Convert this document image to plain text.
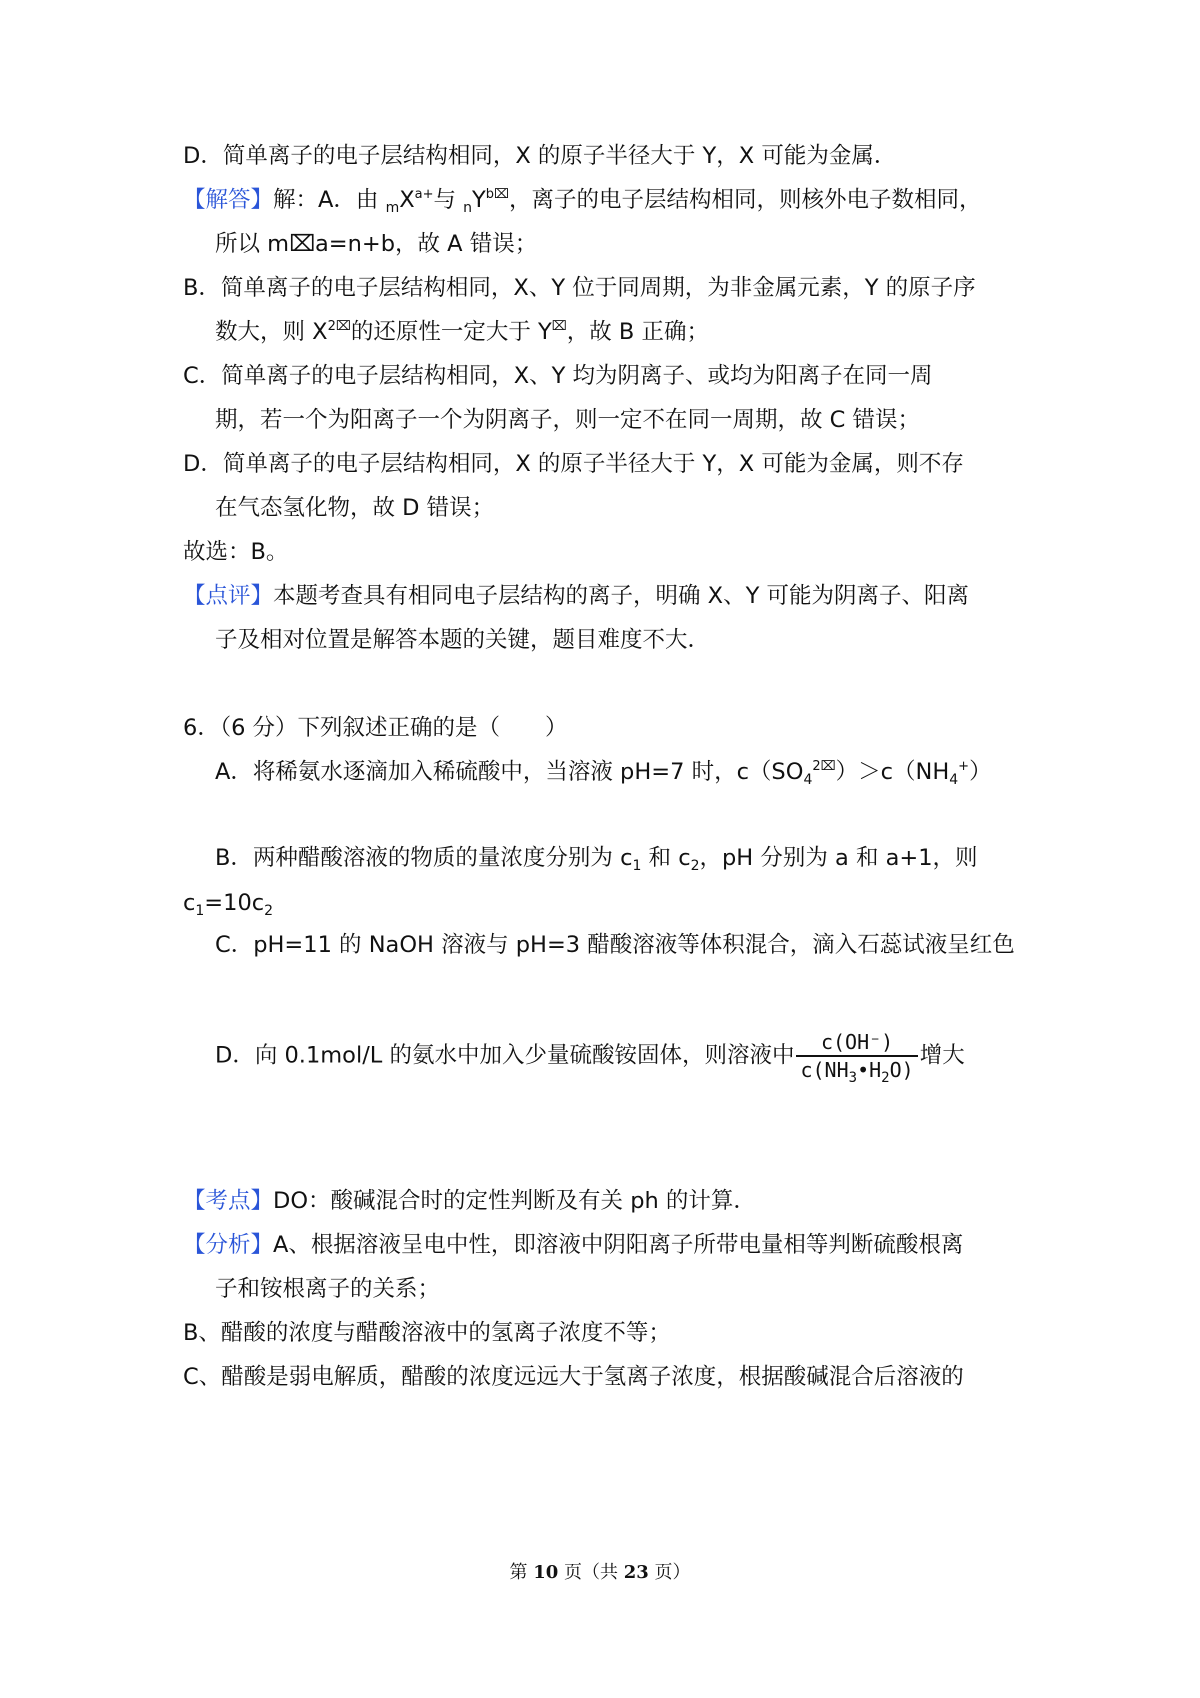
D．简单离子的电子层结构相同，X 的原子半径大于 Y，X 可能为金属．
【解答】解：A．由 $_mX^{a+}$与 $_nY^{b⌧}$，离子的电子层结构相同，则核外电子数相同，
所以 m⌧a=n+b，故 A 错误；
B．简单离子的电子层结构相同，X、Y 位于同周期，为非金属元素，Y 的原子序
数大，则 $X^{2⌧}$的还原性一定大于 Y⌧，故 B 正确；
C．简单离子的电子层结构相同，X、Y 均为阴离子、或均为阳离子在同一周
期，若一个为阳离子一个为阴离子，则一定不在同一周期，故 C 错误；
D．简单离子的电子层结构相同，X 的原子半径大于 Y，X 可能为金属，则不存
在气态氢化物，故 D 错误；
故选：B。
【点评】本题考查具有相同电子层结构的离子，明确 X、Y 可能为阴离子、阳离
子及相对位置是解答本题的关键，题目难度不大．
6．（6 分）下列叙述正确的是（　　）
A．将稀氨水逐滴加入稀硫酸中，当溶液 pH=7 时，$c(SO_4^{2⌧})>c(NH_4^+)$
B．两种醋酸溶液的物质的量浓度分别为 $c_1$ 和 $c_2$，pH 分别为 a 和 a+1，则
$c_1=10c_2$
C．pH=11 的 NaOH 溶液与 pH=3 醋酸溶液等体积混合，滴入石蕊试液呈红色
D．向 0.1mol/L 的氨水中加入少量硫酸铵固体，则溶液中 $\frac{c(OH^-)}{c(NH_3•H_2O)}$ 增大
【考点】DO：酸碱混合时的定性判断及有关 ph 的计算．
【分析】A、根据溶液呈电中性，即溶液中阴阳离子所带电量相等判断硫酸根离
子和铵根离子的关系；
B、醋酸的浓度与醋酸溶液中的氢离子浓度不等；
C、醋酸是弱电解质，醋酸的浓度远远大于氢离子浓度，根据酸碱混合后溶液的
第 10 页（共 23 页）
